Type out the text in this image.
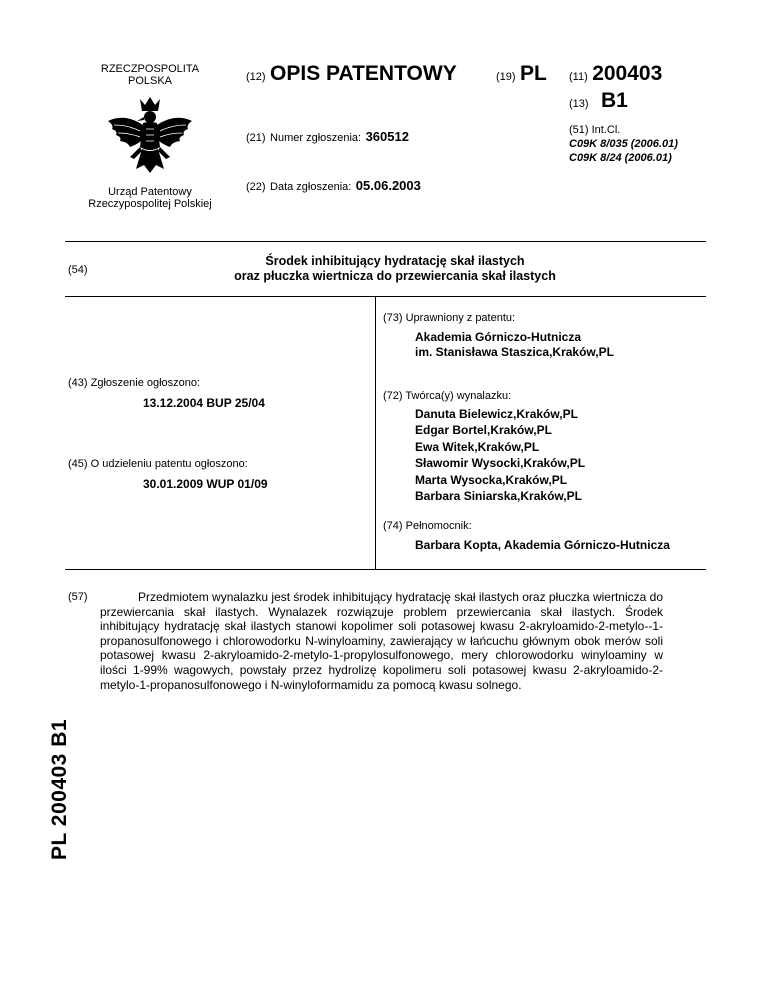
RZECZPOSPOLITA
POLSKA
Urząd Patentowy
Rzeczypospolitej Polskiej
(12) OPIS PATENTOWY	(19) PL
(21) Numer zgłoszenia: 360512
(22) Data zgłoszenia: 05.06.2003
(11) 200403
(13) B1
(51) Int.Cl.
C09K 8/035 (2006.01)
C09K 8/24 (2006.01)
(54)
Środek inhibitujący hydratację skał ilastych
oraz płuczka wiertnicza do przewiercania skał ilastych
(43) Zgłoszenie ogłoszono:
13.12.2004 BUP 25/04
(45) O udzieleniu patentu ogłoszono:
30.01.2009 WUP 01/09
(73) Uprawniony z patentu:
Akademia Górniczo-Hutnicza
im. Stanisława Staszica,Kraków,PL
(72) Twórca(y) wynalazku:
Danuta Bielewicz,Kraków,PL
Edgar Bortel,Kraków,PL
Ewa Witek,Kraków,PL
Sławomir Wysocki,Kraków,PL
Marta Wysocka,Kraków,PL
Barbara Siniarska,Kraków,PL
(74) Pełnomocnik:
Barbara Kopta, Akademia Górniczo-Hutnicza
(57)	Przedmiotem wynalazku jest środek inhibitujący hydratację skał ilastych oraz płuczka wiertnicza do przewiercania skał ilastych. Wynalazek rozwiązuje problem przewiercania skał ilastych. Środek inhibitujący hydratację skał ilastych stanowi kopolimer soli potasowej kwasu 2-akryloamido-2-metylo--1-propanosulfonowego i chlorowodorku N-winyloaminy, zawierający w łańcuchu głównym obok merów soli potasowej kwasu 2-akryloamido-2-metylo-1-propylosulfonowego, mery chlorowodorku winyloaminy w ilości 1-99% wagowych, powstały przez hydrolizę kopolimeru soli potasowej kwasu 2-akryloamido-2-metylo-1-propanosulfonowego i N-winyloformamidu za pomocą kwasu solnego.
PL 200403 B1
